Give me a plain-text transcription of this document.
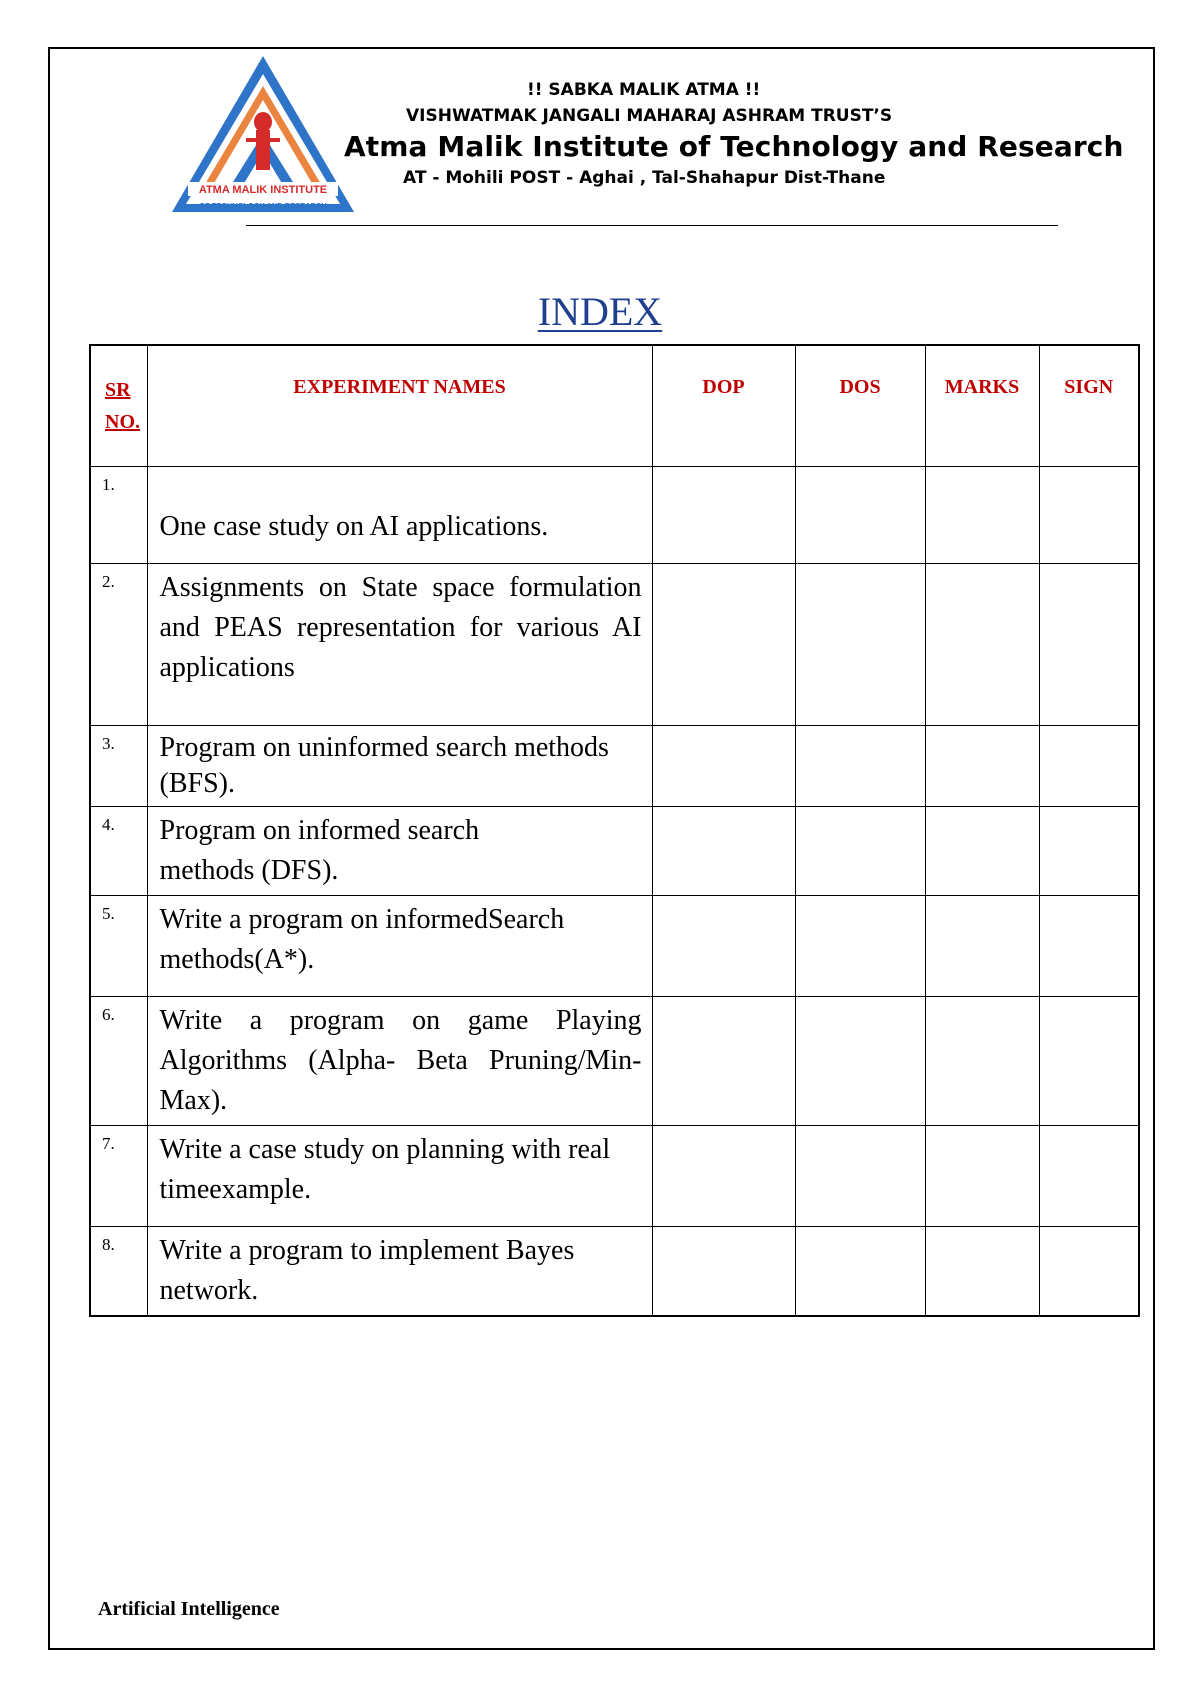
ATMA MALIK INSTITUTE
OF TECHNOLOGY AND RESEARCH
!! SABKA MALIK ATMA !!
VISHWATMAK JANGALI MAHARAJ ASHRAM TRUST’S
Atma Malik Institute of Technology and Research
AT - Mohili POST - Aghai , Tal-Shahapur Dist-Thane
INDEX
SR NO.	EXPERIMENT NAMES	DOP	DOS	MARKS	SIGN
1.	One case study on AI applications.				
2.	Assignments on State space formulation and PEAS representation for various AI applications				
3.	Program on uninformed search methods (BFS).				
4.	Program on informed search methods (DFS).				

5.	Write a program on informedSearch methods(A*).				
6.	Write a program on game Playing Algorithms (Alpha- Beta Pruning/Min-Max).				
7.	Write a case study on planning with real timeexample.				
8.	Write a program to implement Bayes network.				
Artificial Intelligence
